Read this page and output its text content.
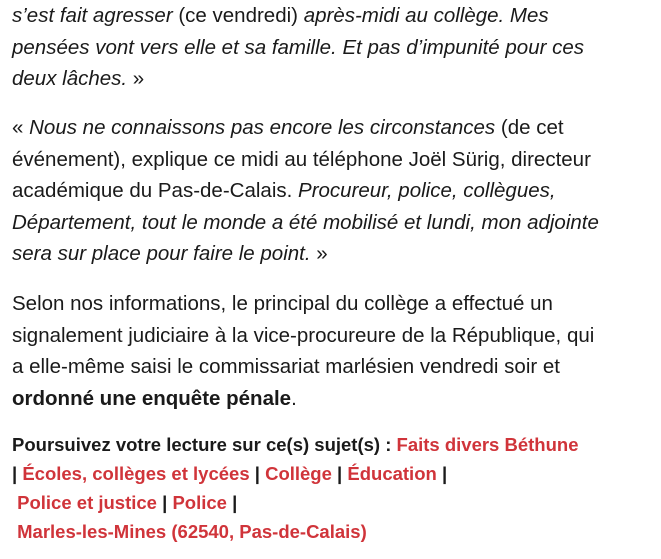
s’est fait agresser (ce vendredi) après-midi au collège. Mes
pensées vont vers elle et sa famille. Et pas d’impunité pour ces
deux lâches. »

« Nous ne connaissons pas encore les circonstances (de cet
événement), explique ce midi au téléphone Joël Sürig, directeur
académique du Pas-de-Calais. Procureur, police, collègues,
Département, tout le monde a été mobilisé et lundi, mon adjointe
sera sur place pour faire le point. »

Selon nos informations, le principal du collège a effectué un
signalement judiciaire à la vice-procureure de la République, qui
a elle-même saisi le commissariat marlésien vendredi soir et
ordonné une enquête pénale.

Poursuivez votre lecture sur ce(s) sujet(s) : Faits divers Béthune
| Écoles, collèges et lycées | Collège | Éducation |
Police et justice | Police |
Marles-les-Mines (62540, Pas-de-Calais)
